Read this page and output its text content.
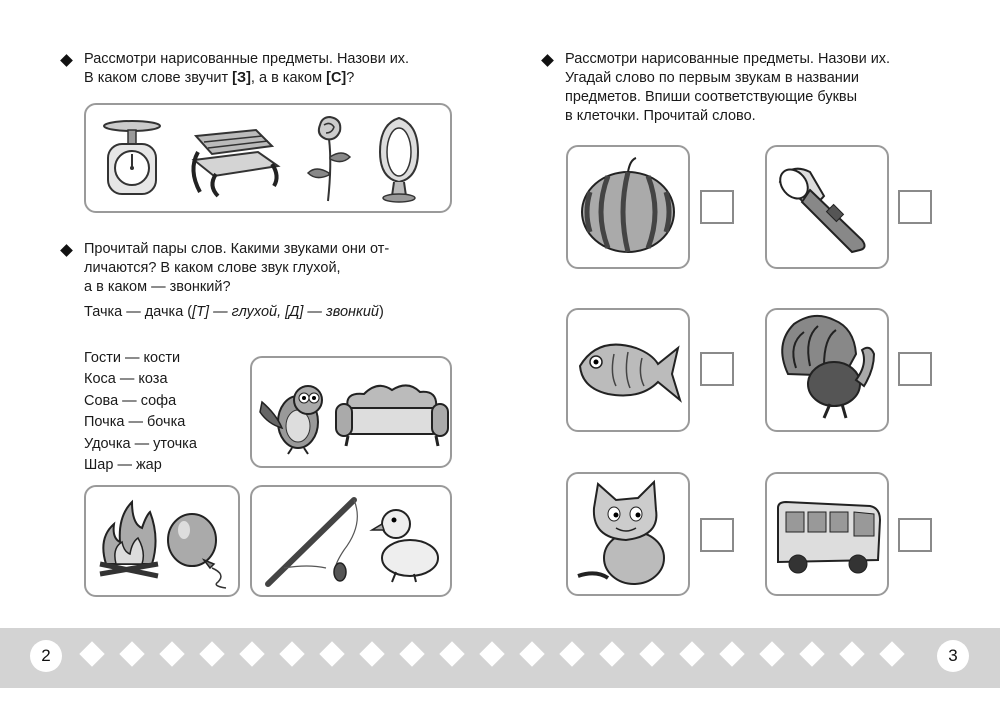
Рассмотри нарисованные предметы. Назови их.
В каком слове звучит [З], а в каком [С]?
Прочитай пары слов. Какими звуками они от-
личаются? В каком слове звук глухой,
а в каком — звонкий?
Тачка — дачка ([Т] — глухой, [Д] — звонкий)
Гости — кости
Коса — коза
Сова — софа
Почка — бочка
Удочка — уточка
Шар — жар
Рассмотри нарисованные предметы. Назови их.
Угадай слово по первым звукам в названии
предметов. Впиши соответствующие буквы
в клеточки. Прочитай слово.
2	3
